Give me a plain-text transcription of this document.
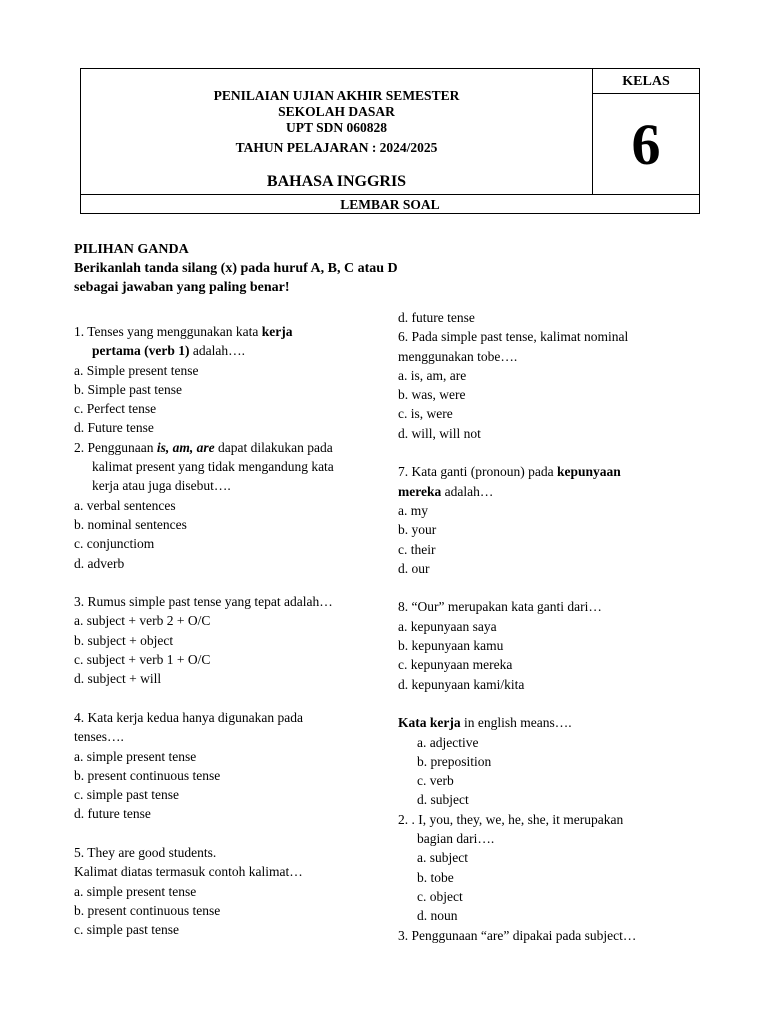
PENILAIAN UJIAN AKHIR SEMESTER
SEKOLAH DASAR
UPT SDN 060828
TAHUN PELAJARAN : 2024/2025
BAHASA INGGRIS
KELAS
6
LEMBAR SOAL
PILIHAN GANDA
Berikanlah tanda silang (x) pada huruf A, B, C atau D
sebagai jawaban yang paling benar!
1. Tenses yang menggunakan kata kerja
pertama (verb 1) adalah….
a. Simple present tense
b. Simple past tense
c. Perfect tense
d. Future tense
2. Penggunaan is, am, are dapat dilakukan pada
kalimat present yang tidak mengandung kata
kerja atau juga disebut….
a. verbal sentences
b. nominal sentences
c. conjunctiom
d. adverb
3. Rumus simple past tense yang tepat adalah…
a. subject + verb 2 + O/C
b. subject + object
c. subject + verb 1 + O/C
d. subject + will
4. Kata kerja kedua hanya digunakan pada
tenses….
a. simple present tense
b. present continuous tense
c. simple past tense
d. future tense
5. They are good students.
Kalimat diatas termasuk contoh kalimat…
a. simple present tense
b. present continuous tense
c. simple past tense
d. future tense
6. Pada simple past tense, kalimat nominal
menggunakan tobe….
a. is, am, are
b. was, were
c. is, were
d. will, will not
7. Kata ganti (pronoun) pada kepunyaan
mereka adalah…
a. my
b. your
c. their
d. our
8. “Our” merupakan kata ganti dari…
a. kepunyaan saya
b. kepunyaan kamu
c. kepunyaan mereka
d. kepunyaan kami/kita
Kata kerja in english means….
a. adjective
b. preposition
c. verb
d. subject
2. . I, you, they, we, he, she, it merupakan
bagian dari….
a. subject
b. tobe
c. object
d. noun
3. Penggunaan “are” dipakai pada subject…
